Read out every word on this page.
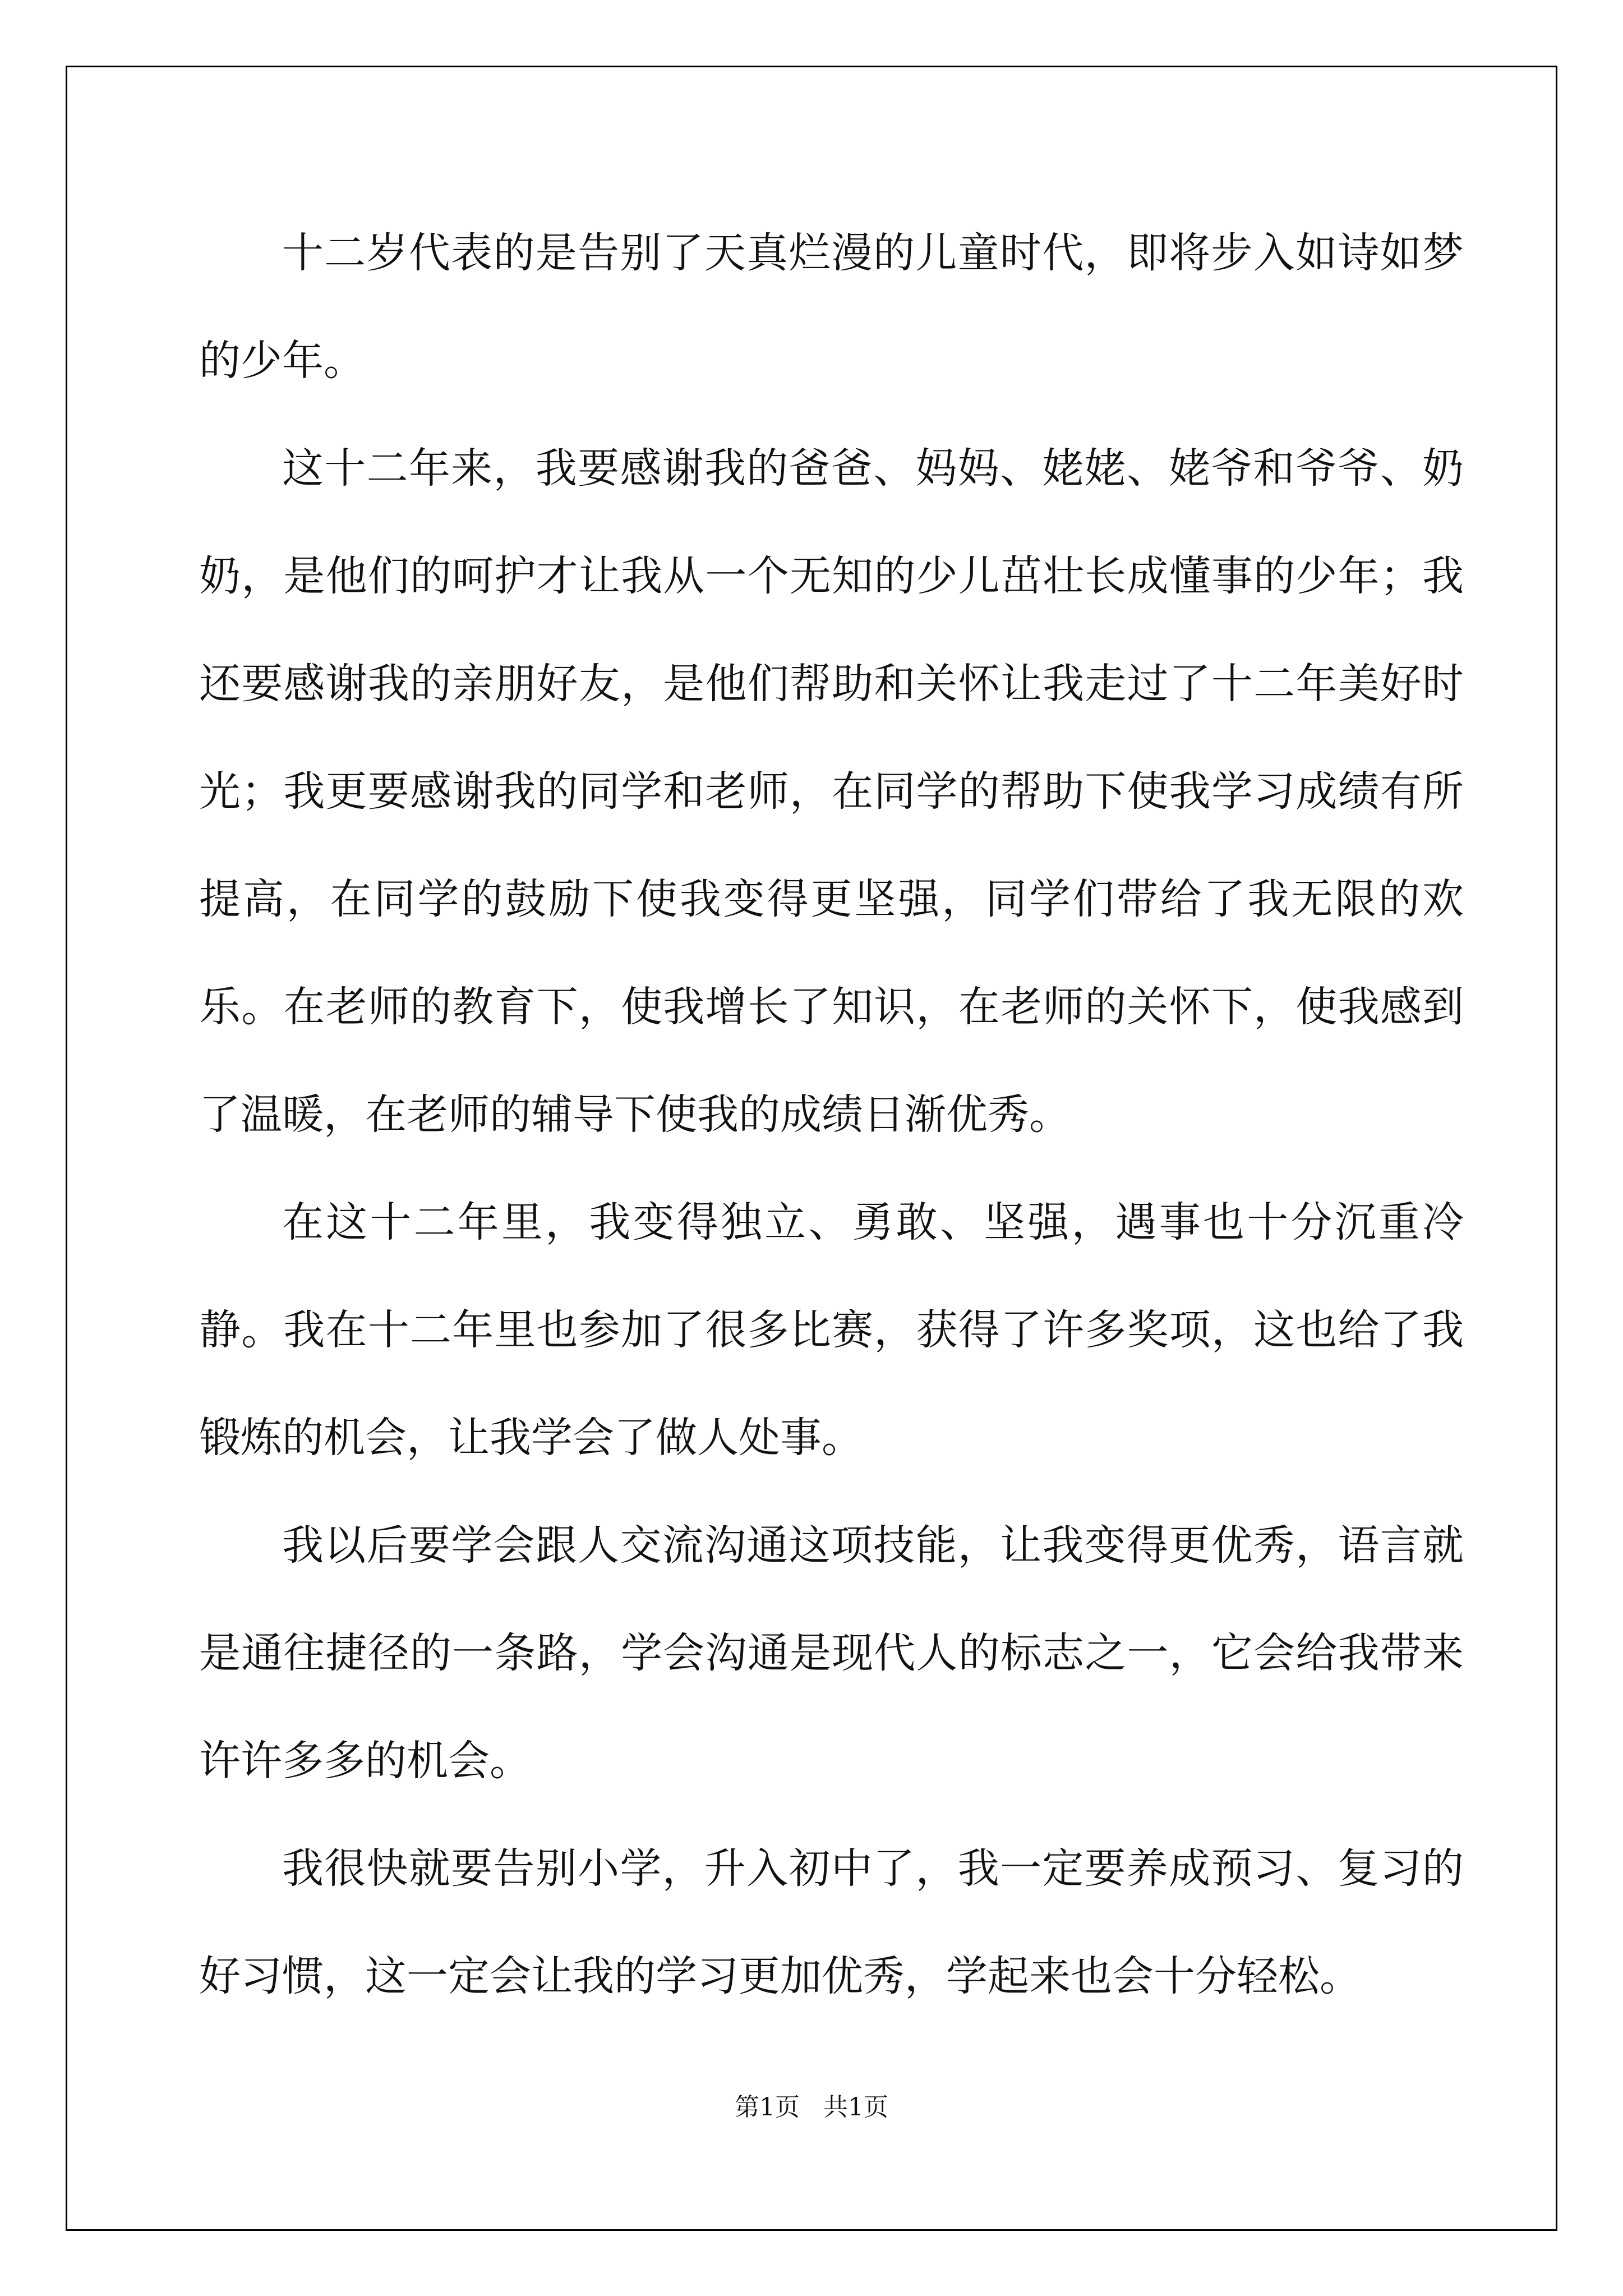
十二岁代表的是告别了天真烂漫的儿童时代，即将步入如诗如梦的少年。

这十二年来，我要感谢我的爸爸、妈妈、姥姥、姥爷和爷爷、奶奶，是他们的呵护才让我从一个无知的少儿茁壮长成懂事的少年；我还要感谢我的亲朋好友，是他们帮助和关怀让我走过了十二年美好时光；我更要感谢我的同学和老师，在同学的帮助下使我学习成绩有所提高，在同学的鼓励下使我变得更坚强，同学们带给了我无限的欢乐。在老师的教育下，使我增长了知识，在老师的关怀下，使我感到了温暖，在老师的辅导下使我的成绩日渐优秀。

在这十二年里，我变得独立、勇敢、坚强，遇事也十分沉重冷静。我在十二年里也参加了很多比赛，获得了许多奖项，这也给了我锻炼的机会，让我学会了做人处事。

我以后要学会跟人交流沟通这项技能，让我变得更优秀，语言就是通往捷径的一条路，学会沟通是现代人的标志之一，它会给我带来许许多多的机会。

我很快就要告别小学，升入初中了，我一定要养成预习、复习的好习惯，这一定会让我的学习更加优秀，学起来也会十分轻松。

第1页   共1页
